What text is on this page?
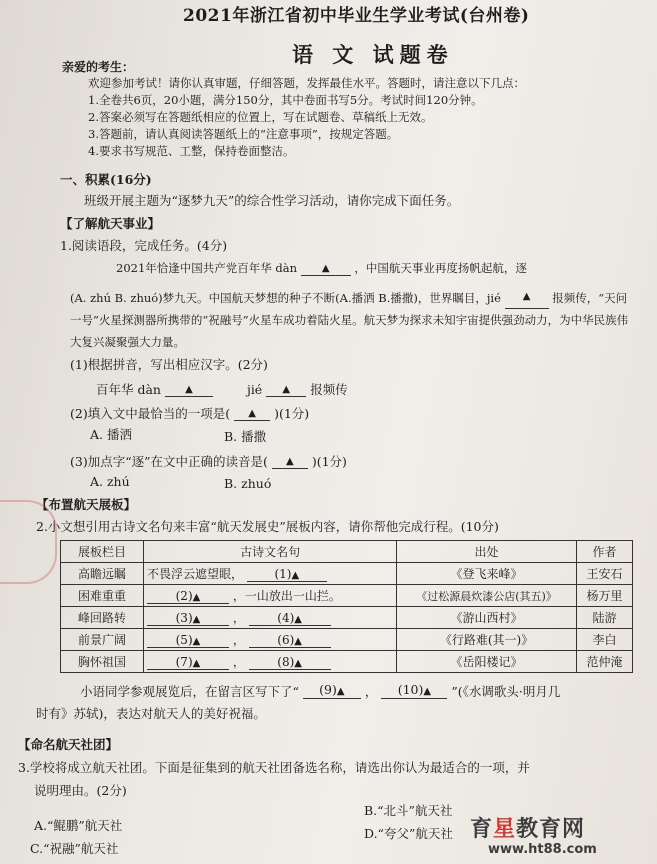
2021年浙江省初中毕业生学业考试(台州卷)
语 文 试题卷
亲爱的考生：
欢迎参加考试！请你认真审题，仔细答题，发挥最佳水平。答题时，请注意以下几点：
1.全卷共6页，20小题，满分150分，其中卷面书写5分。考试时间120分钟。
2.答案必须写在答题纸相应的位置上，写在试题卷、草稿纸上无效。
3.答题前，请认真阅读答题纸上的“注意事项”，按规定答题。
4.要求书写规范、工整，保持卷面整洁。
一、积累(16分)
班级开展主题为“逐梦九天”的综合性学习活动，请你完成下面任务。
【了解航天事业】
1.阅读语段，完成任务。(4分)
2021年恰逢中国共产党百年华 dàn ▲ ，中国航天事业再度扬帆起航，逐
(A. zhú B. zhuó)梦九天。中国航天梦想的种子不断(A.播洒 B.播撒)，世界瞩目，jié ▲ 报频传，“天问一号”火星探测器所携带的“祝融号”火星车成功着陆火星。航天梦为探求未知宇宙提供强劲动力，为中华民族伟大复兴凝聚强大力量。
(1)根据拼音，写出相应汉字。(2分)
百年华 dàn ▲	jié ▲ 报频传
(2)填入文中最恰当的一项是( ▲ )(1分)
A. 播洒	B. 播撒
(3)加点字“逐”在文中正确的读音是( ▲ )(1分)
A. zhú	B. zhuó
【布置航天展板】
2.小文想引用古诗文名句来丰富“航天发展史”展板内容，请你帮他完成行程。(10分)
展板栏目	古诗文名句	出处	作者
高瞻远瞩	不畏浮云遮望眼， (1)▲	《登飞来峰》	王安石
困难重重	(2)▲ ，一山放出一山拦。	《过松源晨炊漆公店(其五)》	杨万里
峰回路转	(3)▲ ， (4)▲	《游山西村》	陆游
前景广阔	(5)▲ ， (6)▲	《行路难(其一)》	李白
胸怀祖国	(7)▲ ， (8)▲	《岳阳楼记》	范仲淹
小语同学参观展览后，在留言区写下了“ (9)▲ ， (10)▲ ”(《水调歌头·明月几
时有》苏轼)，表达对航天人的美好祝福。
【命名航天社团】
3.学校将成立航天社团。下面是征集到的航天社团备选名称，请选出你认为最适合的一项，并
说明理由。(2分)
B.“北斗”航天社
A.“鲲鹏”航天社
D.“夸父”航天社
C.“祝融”航天社
育星教育网
www.ht88.com
